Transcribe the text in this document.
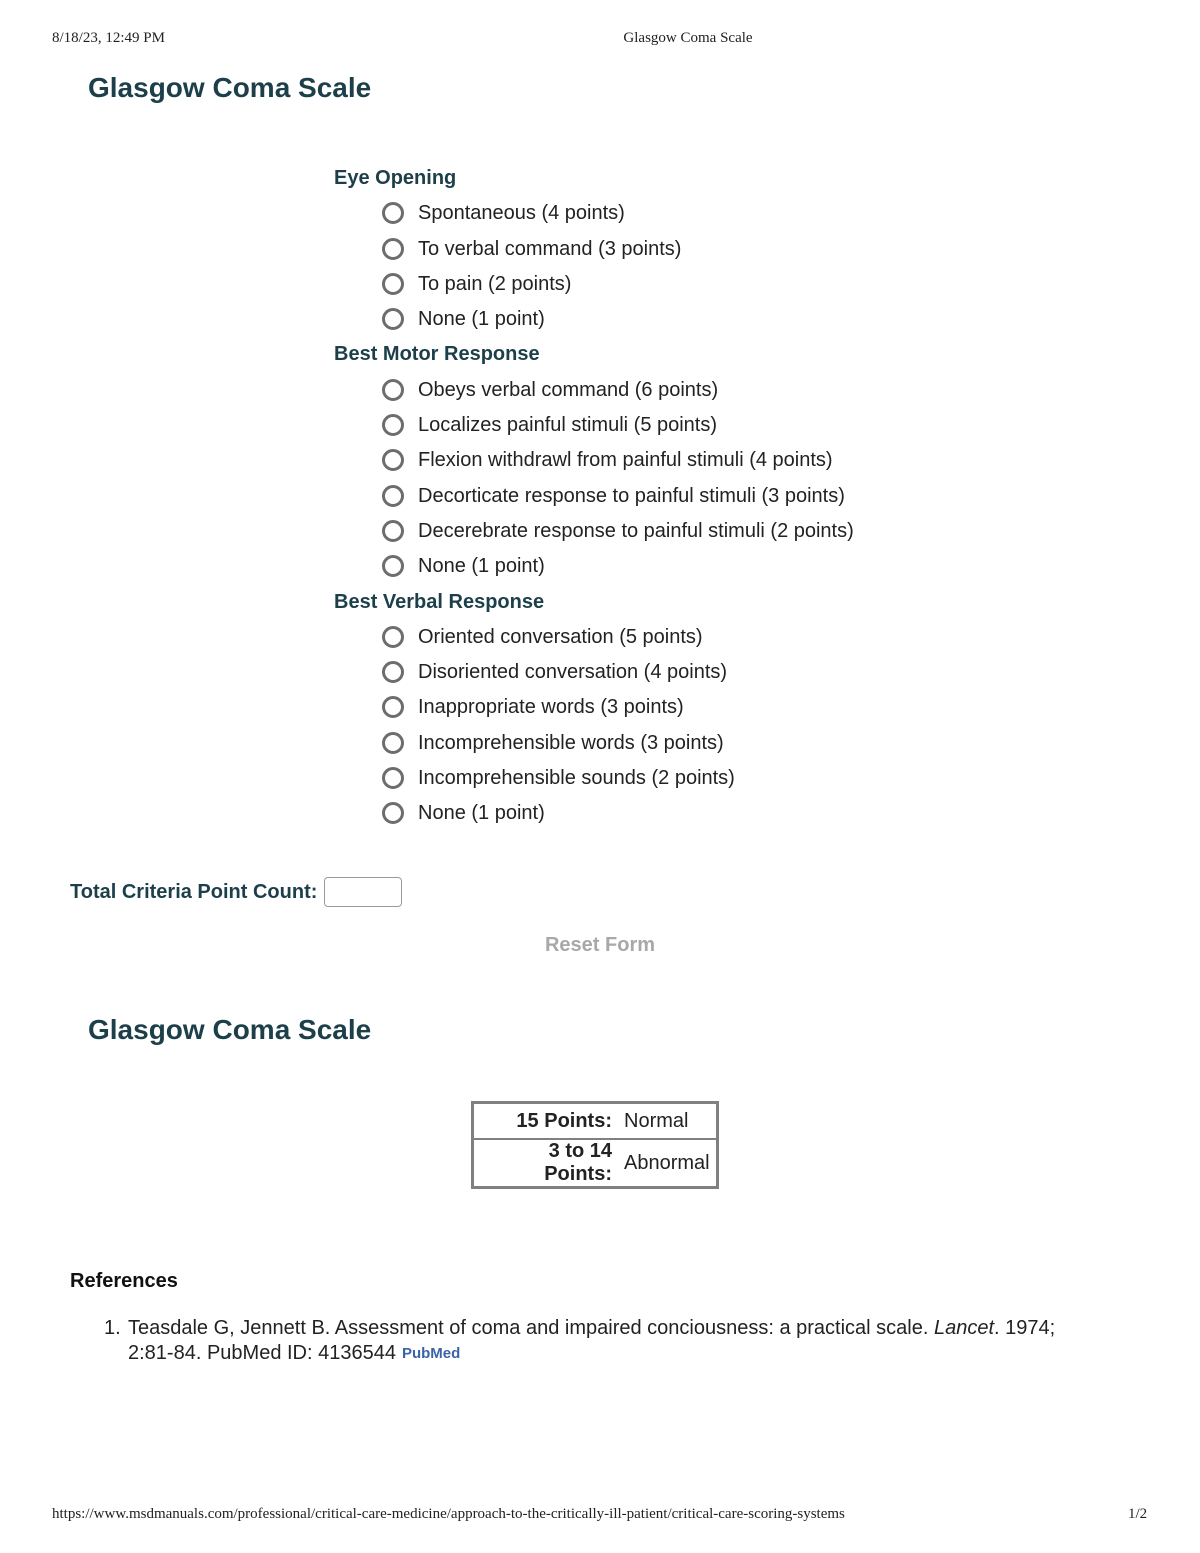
8/18/23, 12:49 PM	Glasgow Coma Scale
Glasgow Coma Scale
Eye Opening
Spontaneous (4 points)
To verbal command (3 points)
To pain (2 points)
None (1 point)
Best Motor Response
Obeys verbal command (6 points)
Localizes painful stimuli (5 points)
Flexion withdrawl from painful stimuli (4 points)
Decorticate response to painful stimuli (3 points)
Decerebrate response to painful stimuli (2 points)
None (1 point)
Best Verbal Response
Oriented conversation (5 points)
Disoriented conversation (4 points)
Inappropriate words (3 points)
Incomprehensible words (3 points)
Incomprehensible sounds (2 points)
None (1 point)
Total Criteria Point Count:
Reset Form
Glasgow Coma Scale
15 Points:	Normal
3 to 14 Points:	Abnormal
References
1. Teasdale G, Jennett B. Assessment of coma and impaired conciousness: a practical scale. Lancet. 1974;
2:81-84. PubMed ID: 4136544 PubMed
https://www.msdmanuals.com/professional/critical-care-medicine/approach-to-the-critically-ill-patient/critical-care-scoring-systems	1/2
